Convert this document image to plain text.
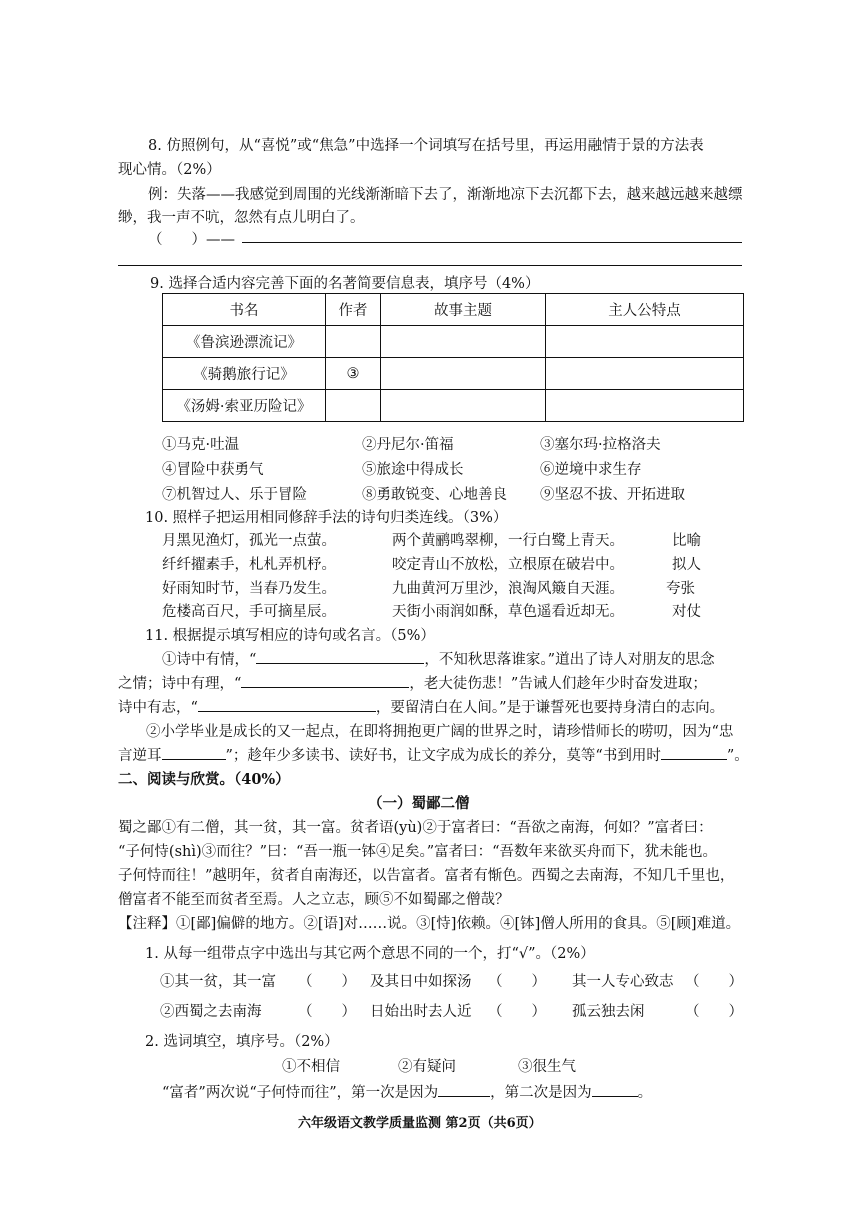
8. 仿照例句，从“喜悦”或“焦急”中选择一个词填写在括号里，再运用融情于景的方法表
现心情。（2%）
例：失落——我感觉到周围的光线渐渐暗下去了，渐渐地凉下去沉都下去，越来越远越来越缥
缈，我一声不吭，忽然有点儿明白了。
（　　）——
9. 选择合适内容完善下面的名著简要信息表，填序号（4%）
书名	作者	故事主题	主人公特点
《鲁滨逊漂流记》			
《骑鹅旅行记》	③		
《汤姆·索亚历险记》			
①马克·吐温	②丹尼尔·笛福	③塞尔玛·拉格洛夫
④冒险中获勇气	⑤旅途中得成长	⑥逆境中求生存
⑦机智过人、乐于冒险	⑧勇敢锐变、心地善良 ⑨坚忍不拔、开拓进取
10. 照样子把运用相同修辞手法的诗句归类连线。（3%）
月黑见渔灯，孤光一点萤。
纤纤擢素手，札札弄机杼。
好雨知时节，当春乃发生。
危楼高百尺，手可摘星辰。
两个黄鹂鸣翠柳，一行白鹭上青天。
咬定青山不放松，立根原在破岩中。
九曲黄河万里沙，浪淘风簸自天涯。
天街小雨润如酥，草色遥看近却无。
比喻
拟人
夸张
对仗
11. 根据提示填写相应的诗句或名言。（5%）
①诗中有情，“	，不知秋思落谁家。”道出了诗人对朋友的思念
之情；诗中有理，“	，老大徒伤悲！”告诫人们趁年少时奋发进取；
诗中有志，“	，要留清白在人间。”是于谦誓死也要持身清白的志向。
②小学毕业是成长的又一起点，在即将拥抱更广阔的世界之时，请珍惜师长的唠叨，因为“忠
言逆耳	”；趁年少多读书、读好书，让文字成为成长的养分，莫等“书到用时	”。
二、阅读与欣赏。（40%）
（一）蜀鄙二僧
蜀之鄙①有二僧，其一贫，其一富。贫者语(yù)②于富者曰：“吾欲之南海，何如？”富者曰：
“子何恃(shì)③而往？”曰：“吾一瓶一钵④足矣。”富者曰：“吾数年来欲买舟而下，犹未能也。
子何恃而往！”越明年，贫者自南海还，以告富者。富者有惭色。西蜀之去南海，不知几千里也，
僧富者不能至而贫者至焉。人之立志，顾⑤不如蜀鄙之僧哉？
【注释】①[鄙]偏僻的地方。②[语]对……说。③[恃]依赖。④[钵]僧人所用的食具。⑤[顾]难道。
1. 从每一组带点字中选出与其它两个意思不同的一个，打“√”。（2%）
①其一贫，其一富 （　　） 及其日中如探汤 （　　） 其一人专心致志 （　　）
②西蜀之去南海	（　　） 日始出时去人近 （　　） 孤云独去闲	（　　）
2. 选词填空，填序号。（2%）
①不相信	②有疑问	③很生气
“富者”两次说“子何恃而往”，第一次是因为	，第二次是因为	。
六年级语文教学质量监测 第2页（共6页）
